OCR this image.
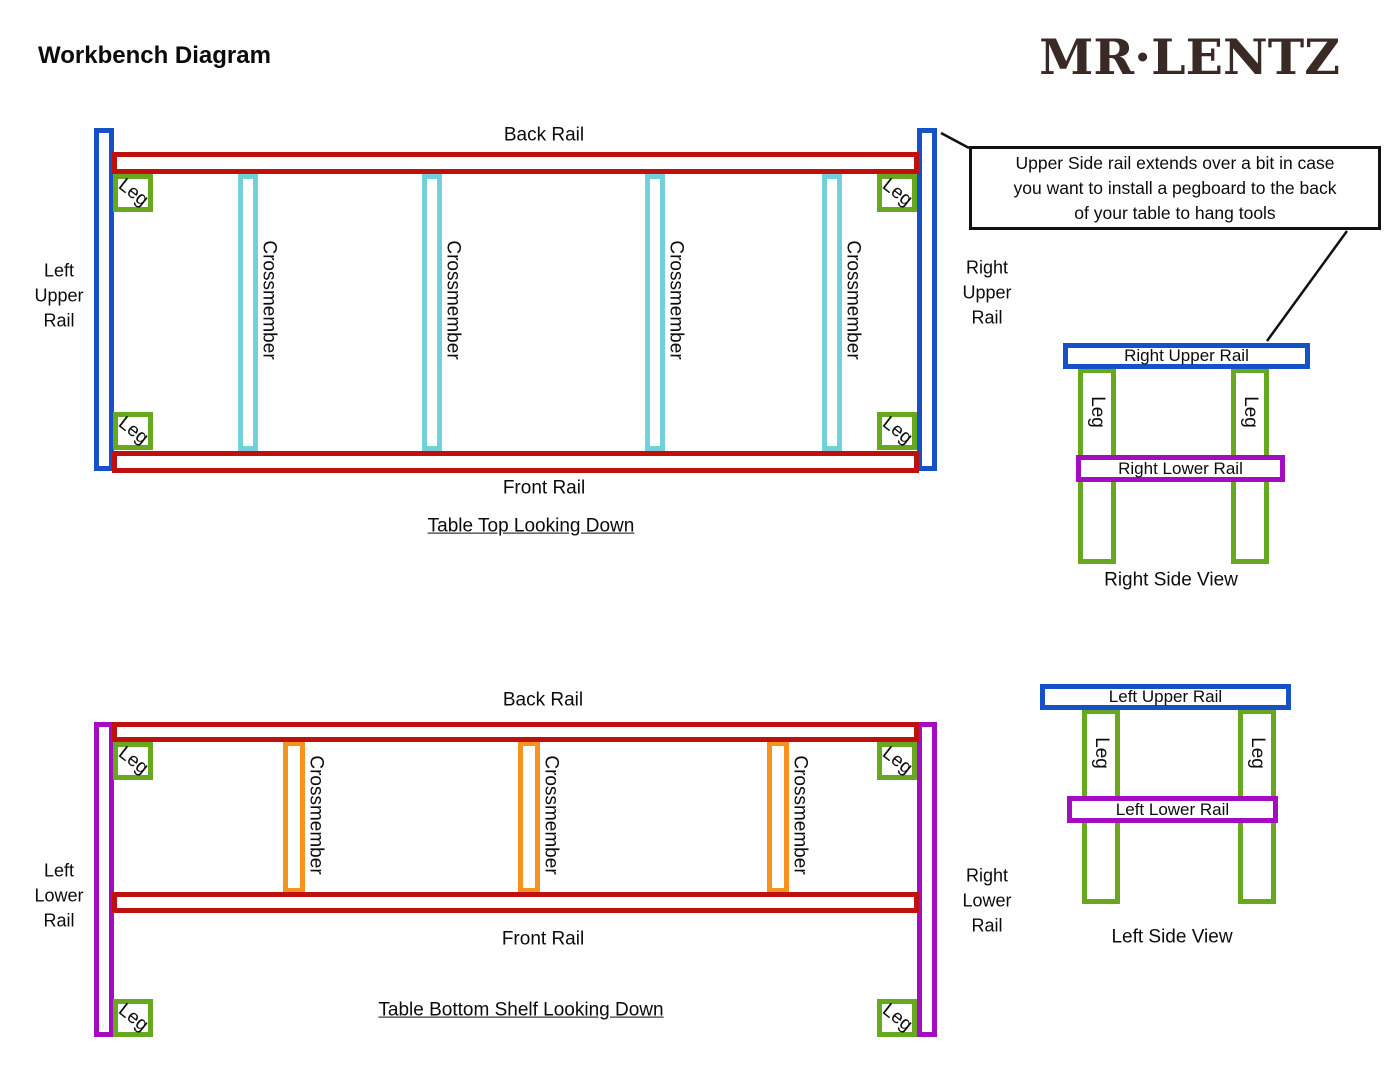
Workbench Diagram	MR·LENTZ
Upper Side rail extends over a bit in case
you want to install a pegboard to the back
of your table to hang tools
Back Rail
Crossmember	Crossmember	Crossmember	Crossmember
Leg	Leg
Leg	Leg
Left
Upper
Rail
Right
Upper
Rail
Front Rail
Table Top Looking Down
Right Upper Rail
Leg	Leg
Right Lower Rail
Right Side View
Back Rail
Crossmember	Crossmember	Crossmember
Leg	Leg
Leg	Leg
Left
Lower
Rail
Right
Lower
Rail
Front Rail
Table Bottom Shelf Looking Down
Left Upper Rail
Leg	Leg
Left Lower Rail
Left Side View
